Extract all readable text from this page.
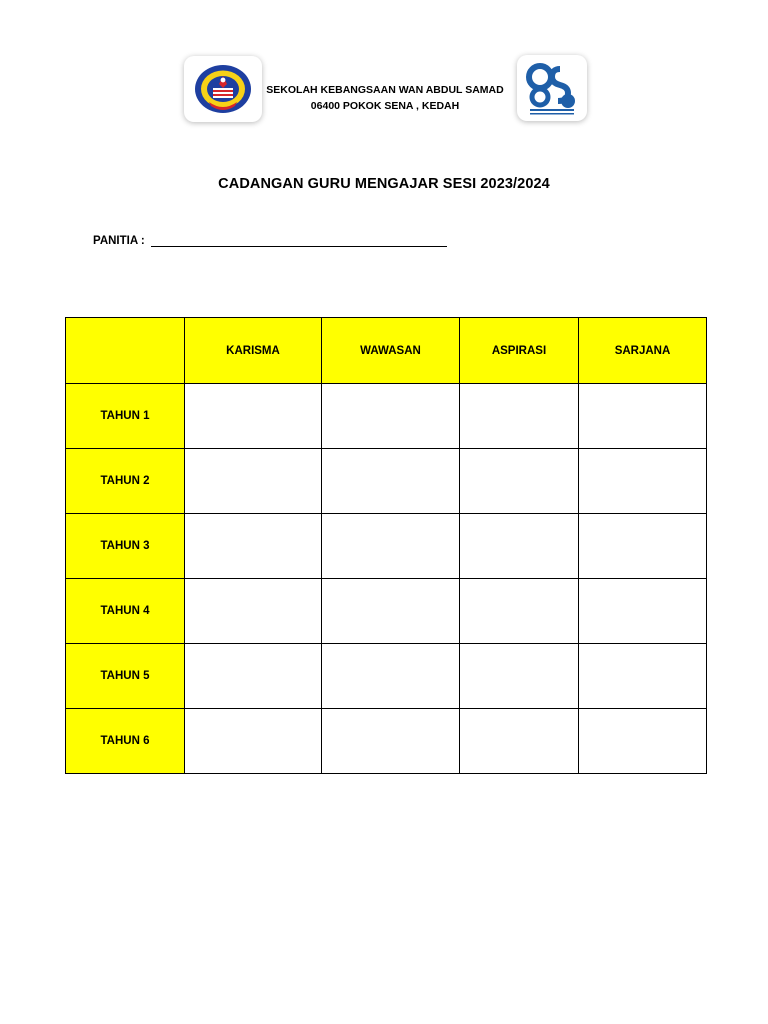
SEKOLAH KEBANGSAAN WAN ABDUL SAMAD
06400 POKOK SENA , KEDAH
CADANGAN GURU MENGAJAR SESI 2023/2024
PANITIA :
	KARISMA	WAWASAN	ASPIRASI	SARJANA
TAHUN 1				
TAHUN 2				
TAHUN 3				
TAHUN 4				
TAHUN 5				
TAHUN 6				
